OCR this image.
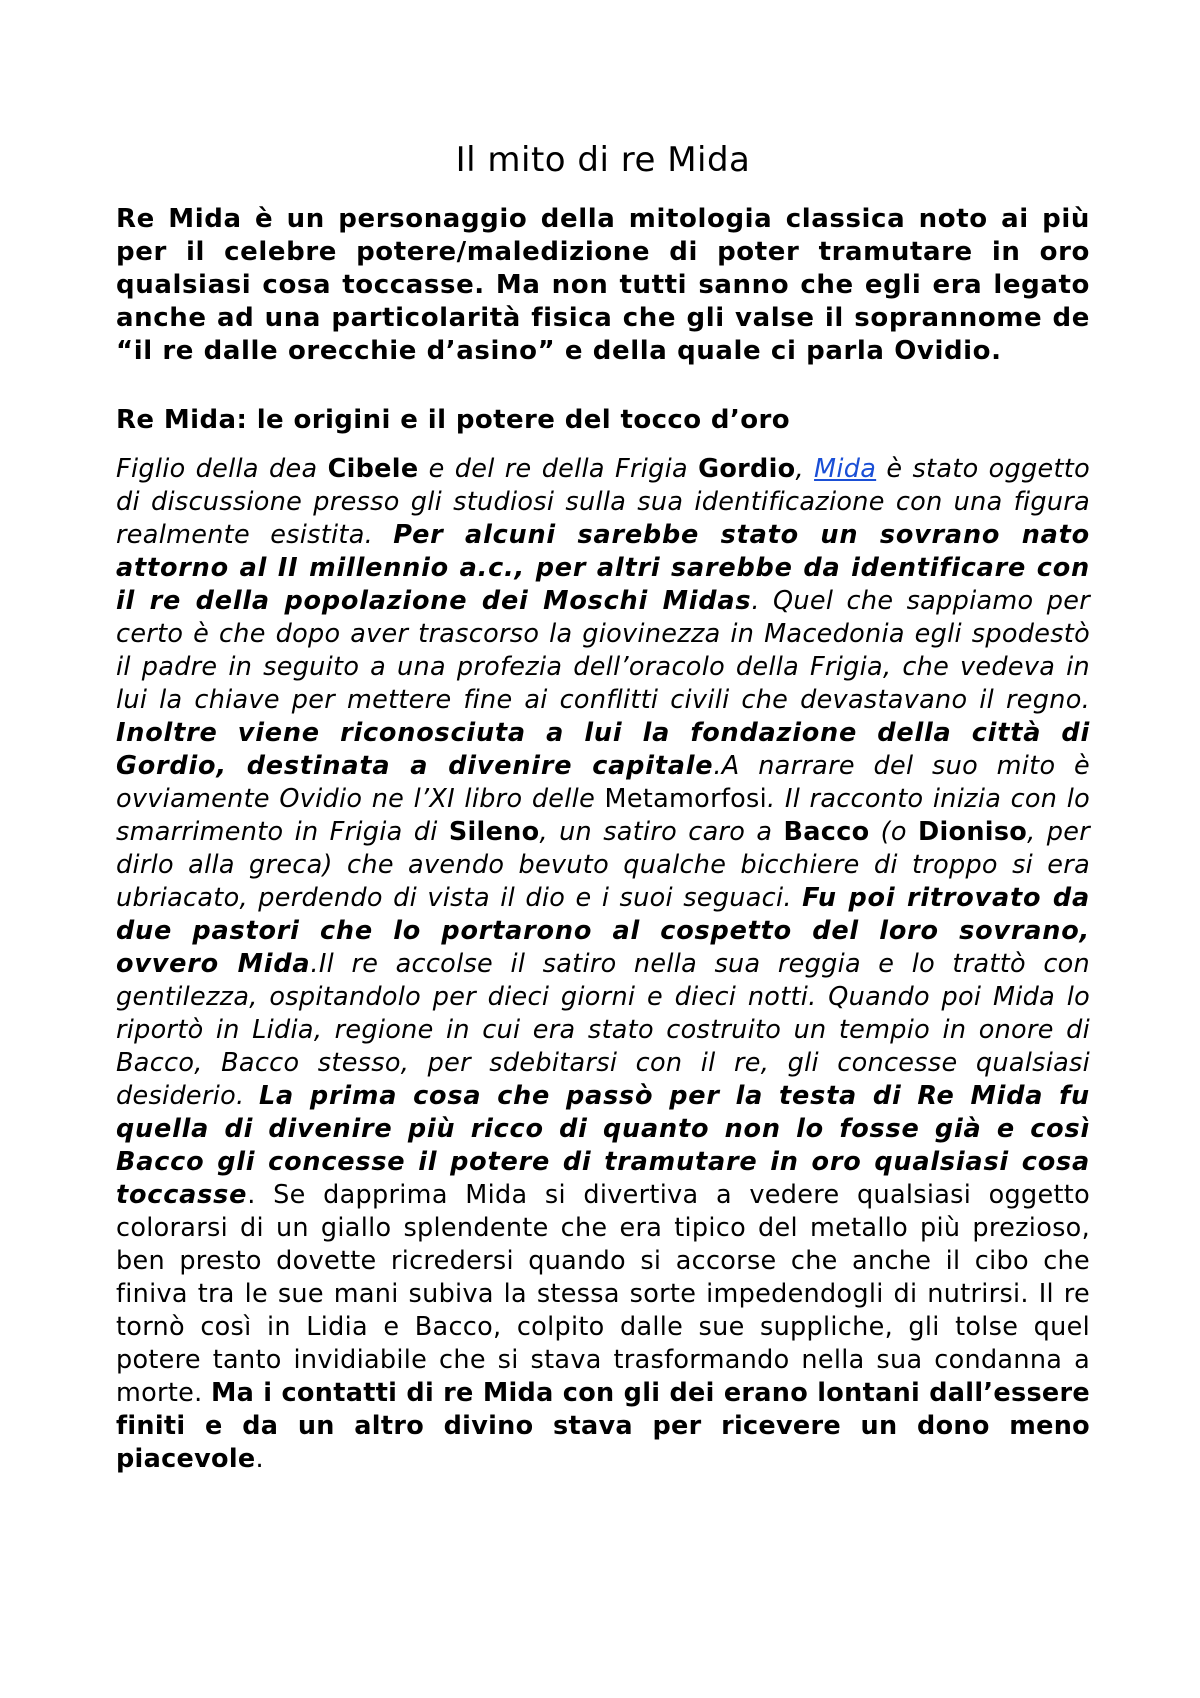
Il mito di re Mida

Re Mida è un personaggio della mitologia classica noto ai più per il celebre potere/maledizione di poter tramutare in oro qualsiasi cosa toccasse. Ma non tutti sanno che egli era legato anche ad una particolarità fisica che gli valse il soprannome de “il re dalle orecchie d’asino” e della quale ci parla Ovidio.

Re Mida: le origini e il potere del tocco d’oro

Figlio della dea Cibele e del re della Frigia Gordio, Mida è stato oggetto di discussione presso gli studiosi sulla sua identificazione con una figura realmente esistita. Per alcuni sarebbe stato un sovrano nato attorno al II millennio a.c., per altri sarebbe da identificare con il re della popolazione dei Moschi Midas. Quel che sappiamo per certo è che dopo aver trascorso la giovinezza in Macedonia egli spodestò il padre in seguito a una profezia dell’oracolo della Frigia, che vedeva in lui la chiave per mettere fine ai conflitti civili che devastavano il regno. Inoltre viene riconosciuta a lui la fondazione della città di Gordio, destinata a divenire capitale.A narrare del suo mito è ovviamente Ovidio ne l’XI libro delle Metamorfosi. Il racconto inizia con lo smarrimento in Frigia di Sileno, un satiro caro a Bacco (o Dioniso, per dirlo alla greca) che avendo bevuto qualche bicchiere di troppo si era ubriacato, perdendo di vista il dio e i suoi seguaci. Fu poi ritrovato da due pastori che lo portarono al cospetto del loro sovrano, ovvero Mida.Il re accolse il satiro nella sua reggia e lo trattò con gentilezza, ospitandolo per dieci giorni e dieci notti. Quando poi Mida lo riportò in Lidia, regione in cui era stato costruito un tempio in onore di Bacco, Bacco stesso, per sdebitarsi con il re, gli concesse qualsiasi desiderio. La prima cosa che passò per la testa di Re Mida fu quella di divenire più ricco di quanto non lo fosse già e così Bacco gli concesse il potere di tramutare in oro qualsiasi cosa toccasse. Se dapprima Mida si divertiva a vedere qualsiasi oggetto colorarsi di un giallo splendente che era tipico del metallo più prezioso, ben presto dovette ricredersi quando si accorse che anche il cibo che finiva tra le sue mani subiva la stessa sorte impedendogli di nutrirsi. Il re tornò così in Lidia e Bacco, colpito dalle sue suppliche, gli tolse quel potere tanto invidiabile che si stava trasformando nella sua condanna a morte. Ma i contatti di re Mida con gli dei erano lontani dall’essere finiti e da un altro divino stava per ricevere un dono meno piacevole.
